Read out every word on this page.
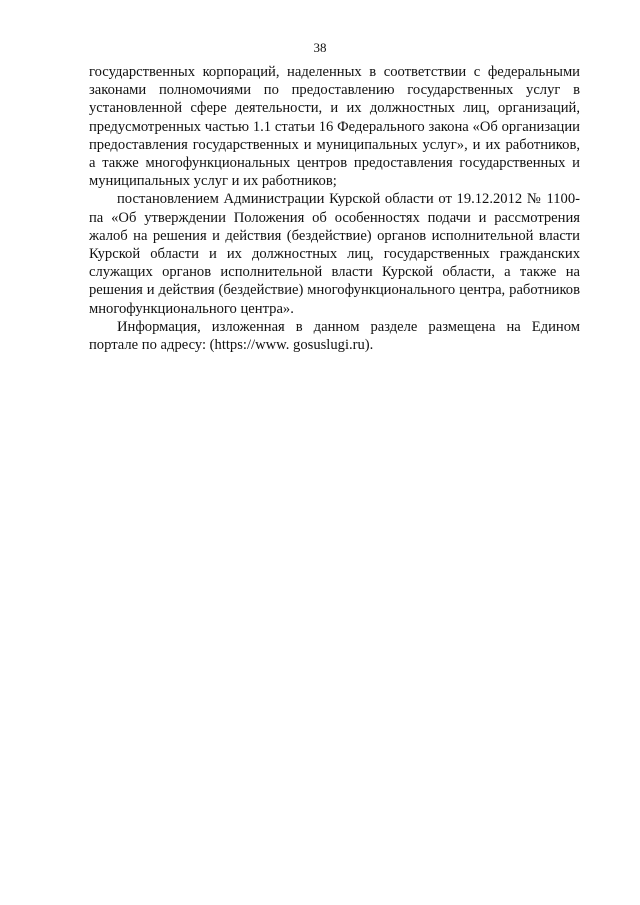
38

государственных корпораций, наделенных в соответствии с федеральными законами полномочиями по предоставлению государственных услуг в установленной сфере деятельности, и их должностных лиц, организаций, предусмотренных частью 1.1 статьи 16 Федерального закона «Об организации предоставления государственных и муниципальных услуг», и их работников, а также многофункциональных центров предоставления государственных и муниципальных услуг и их работников;

постановлением Администрации Курской области от 19.12.2012 № 1100-па «Об утверждении Положения об особенностях подачи и рассмотрения жалоб на решения и действия (бездействие) органов исполнительной власти Курской области и их должностных лиц, государственных гражданских служащих органов исполнительной власти Курской области, а также на решения и действия (бездействие) многофункционального центра, работников многофункционального центра».

Информация, изложенная в данном разделе размещена на Едином портале по адресу: (https://www. gosuslugi.ru).
